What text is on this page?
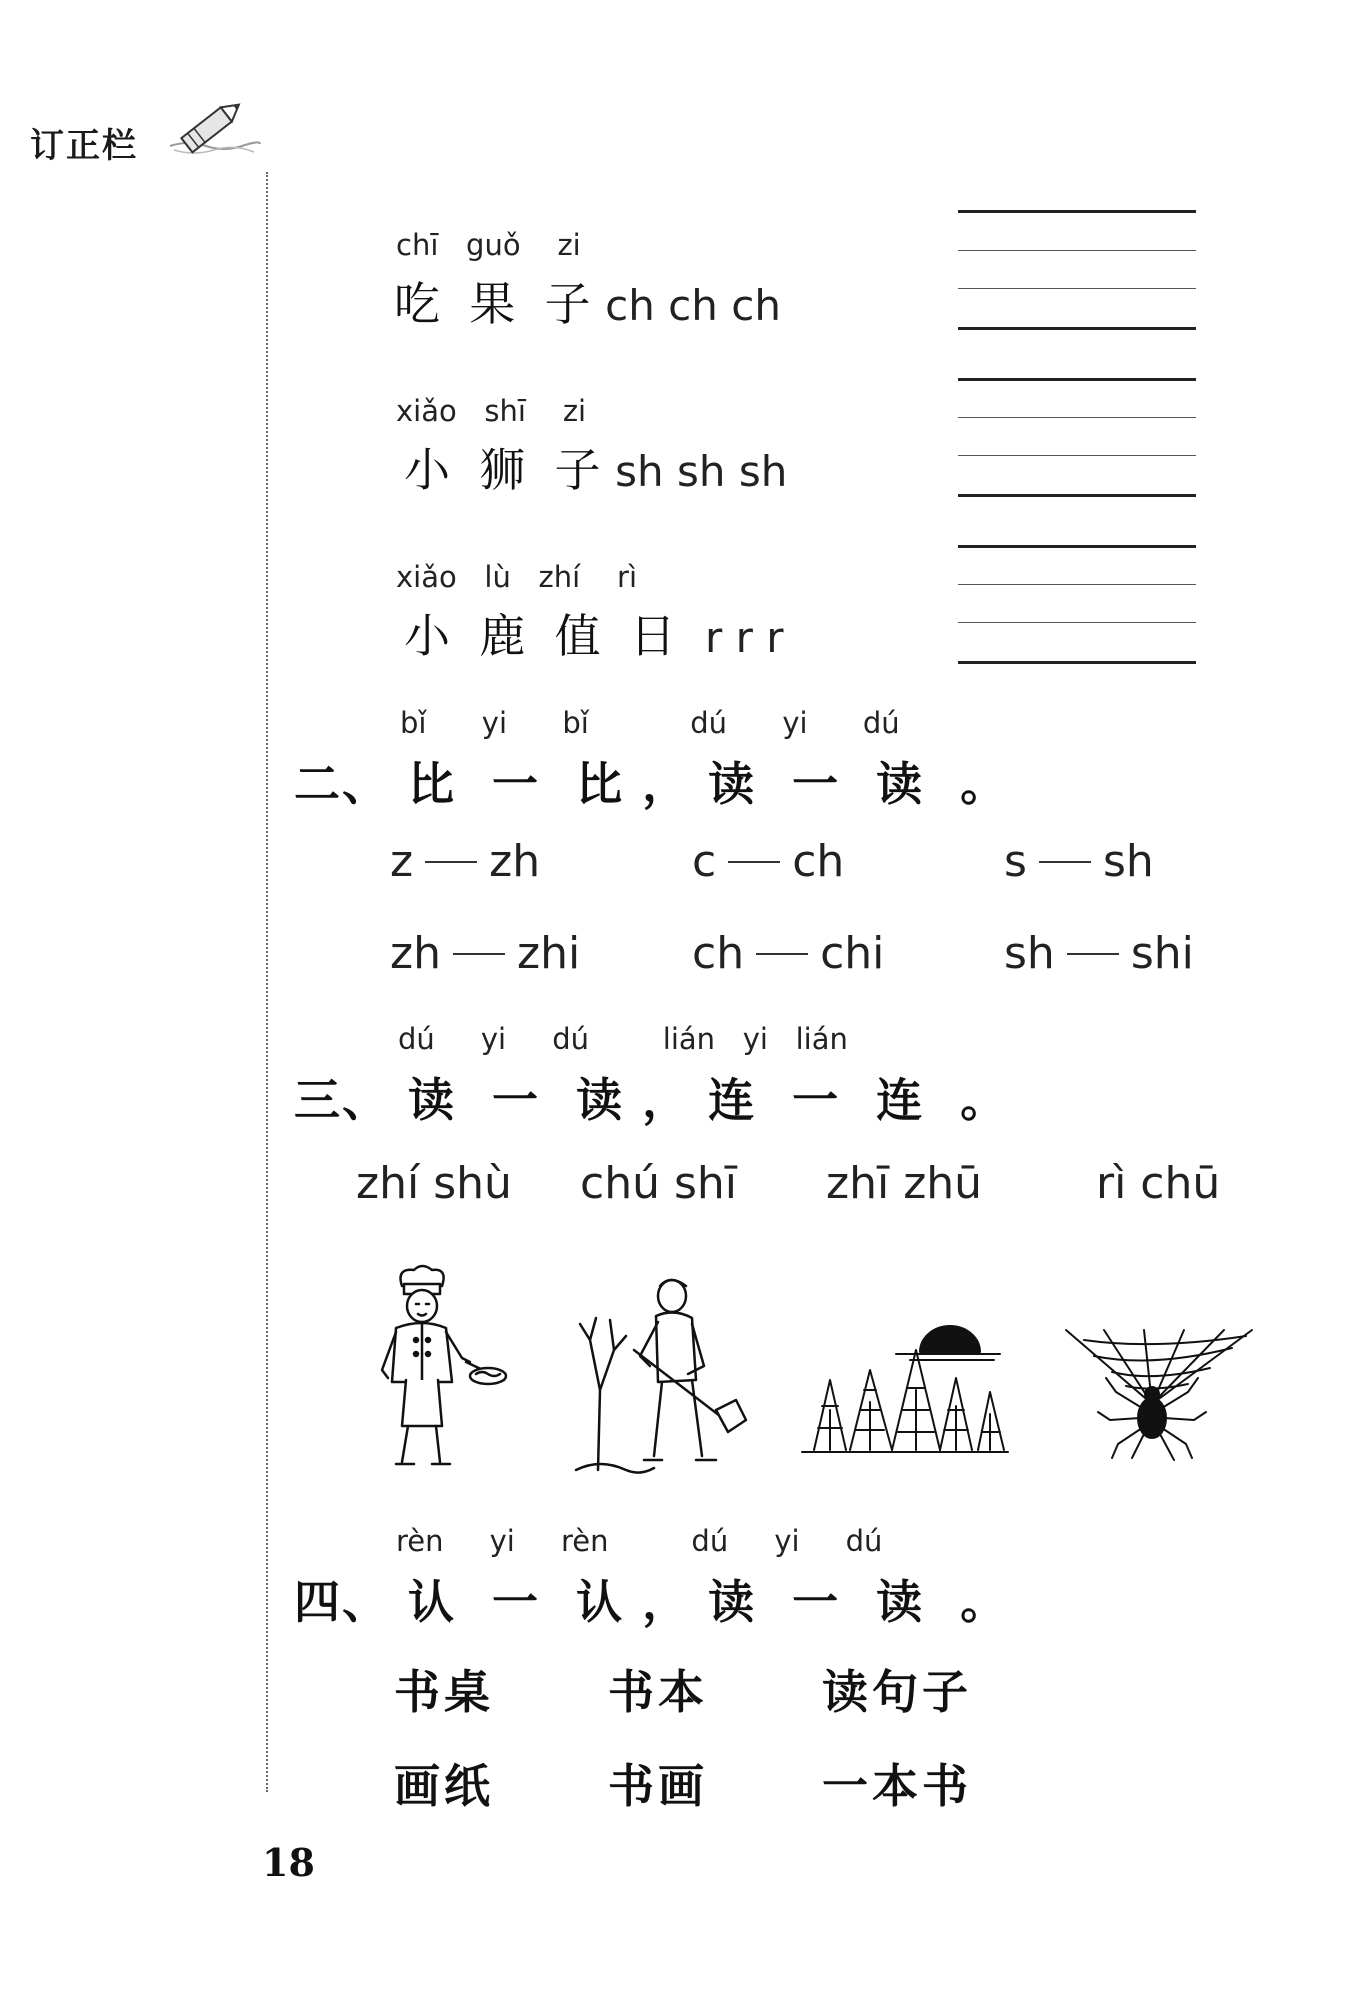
订正栏
chī guǒ zi
吃 果 子 ch ch ch
xiǎo shī zi
小 狮 子 sh sh sh
xiǎo lù zhí rì
小 鹿 值 日 r r r
bǐ yi bǐ	dú yi dú
二、 比 一 比 ， 读 一 读 。
z zh	c ch	s sh
zh zhi	ch chi	sh shi
dú yi dú	lián yi lián
三、 读 一 读 ， 连 一 连 。
zhí shù chú shī zhī zhū	rì chū
rèn yi rèn	dú yi dú
四、 认 一 认 ， 读 一 读 。
书桌 书本 读句子
画纸 书画 一本书
18
